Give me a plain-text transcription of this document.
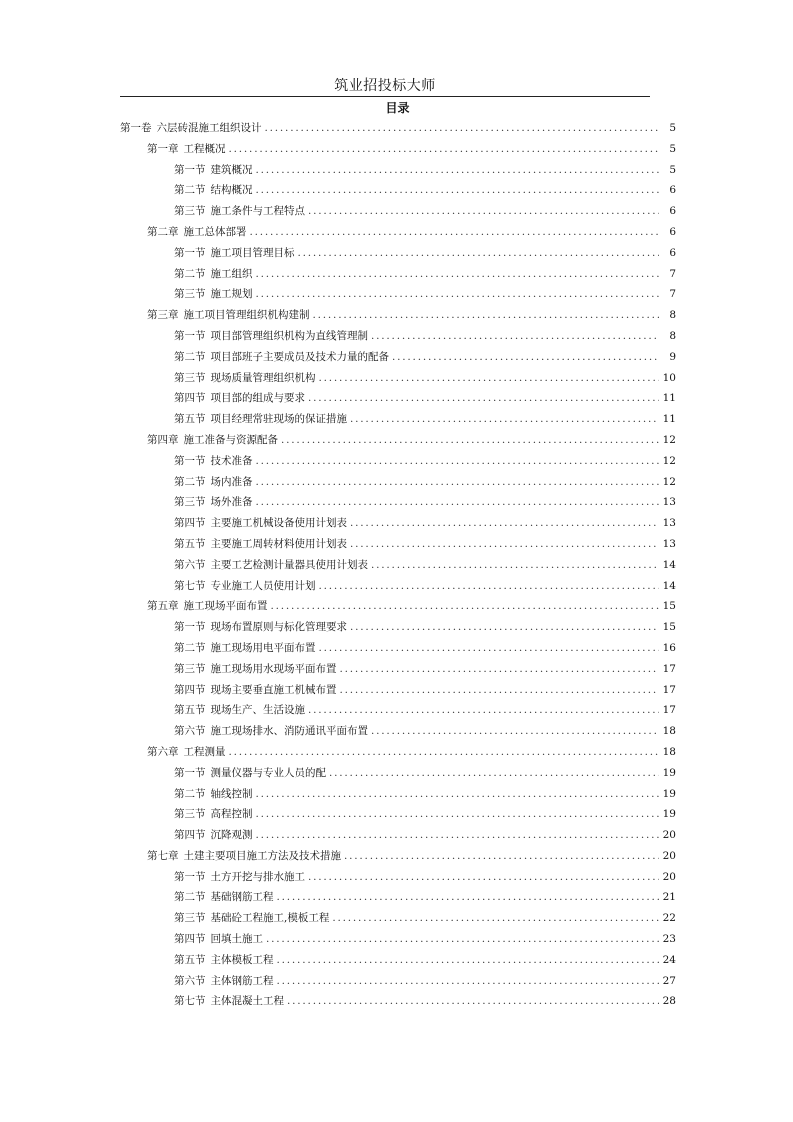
筑业招投标大师
目录
第一卷 六层砖混施工组织设计 .....	5
第一章 工程概况 .....	5
第一节 建筑概况 .....	5
第二节 结构概况 .....	6
第三节 施工条件与工程特点 .....	6
第二章 施工总体部署 .....	6
第一节 施工项目管理目标 .....	6
第二节 施工组织 .....	7
第三节 施工规划 .....	7
第三章 施工项目管理组织机构建制 .....	8
第一节 项目部管理组织机构为直线管理制 .....	8
第二节 项目部班子主要成员及技术力量的配备 .....	9
第三节 现场质量管理组织机构 .....	10
第四节 项目部的组成与要求 .....	11
第五节 项目经理常驻现场的保证措施 .....	11
第四章 施工准备与资源配备 .....	12
第一节 技术准备 .....	12
第二节 场内准备 .....	12
第三节 场外准备 .....	13
第四节 主要施工机械设备使用计划表 .....	13
第五节 主要施工周转材料使用计划表 .....	13
第六节 主要工艺检测计量器具使用计划表 .....	14
第七节 专业施工人员使用计划 .....	14
第五章 施工现场平面布置 .....	15
第一节 现场布置原则与标化管理要求 .....	15
第二节 施工现场用电平面布置 .....	16
第三节 施工现场用水现场平面布置 .....	17
第四节 现场主要垂直施工机械布置 .....	17
第五节 现场生产、生活设施 .....	17
第六节 施工现场排水、消防通讯平面布置 .....	18
第六章 工程测量 .....	18
第一节 测量仪器与专业人员的配 .....	19
第二节 轴线控制 .....	19
第三节 高程控制 .....	19
第四节 沉降观测 .....	20
第七章 土建主要项目施工方法及技术措施 .....	20
第一节 土方开挖与排水施工 .....	20
第二节 基础钢筋工程 .....	21
第三节 基础砼工程施工,模板工程 .....	22
第四节 回填土施工 .....	23
第五节 主体模板工程 .....	24
第六节 主体钢筋工程 .....	27
第七节 主体混凝土工程 .....	28
